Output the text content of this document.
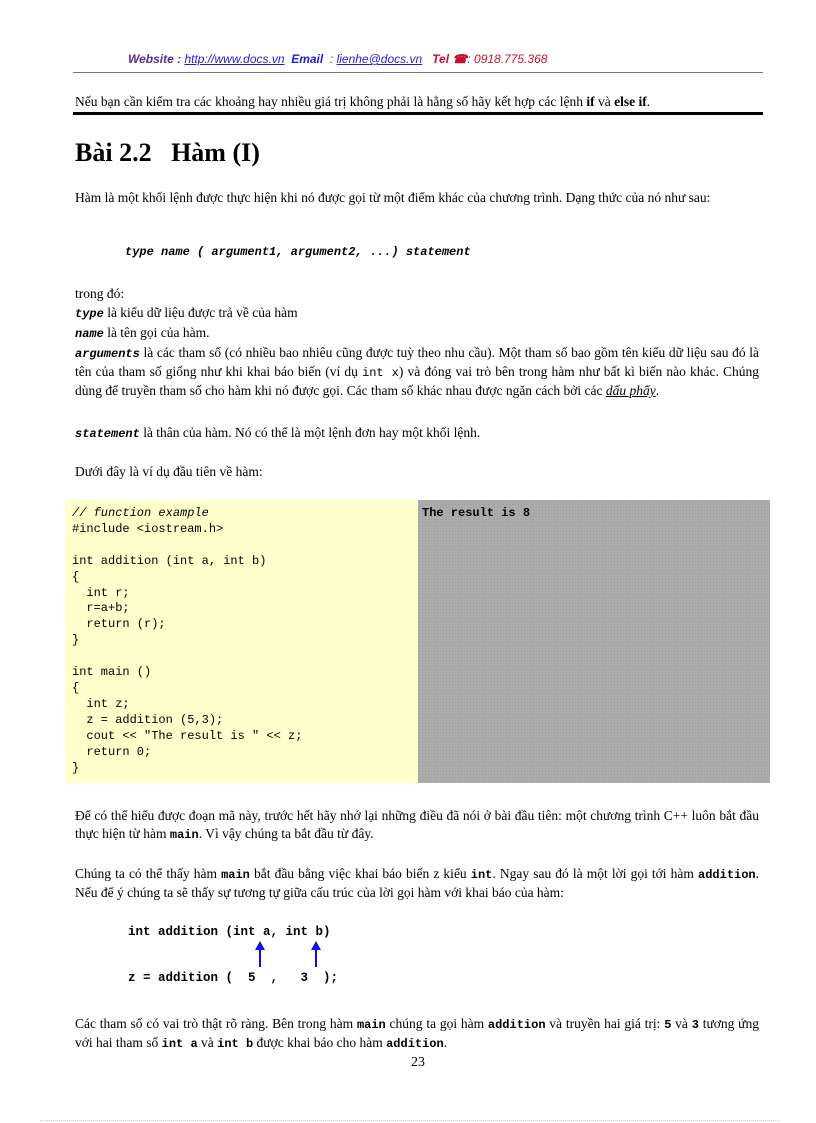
Website : http://www.docs.vn Email : lienhe@docs.vn Tel ☎: 0918.775.368
Nếu bạn cần kiểm tra các khoảng hay nhiều giá trị không phải là hằng số hãy kết hợp các lệnh if và else if.
Bài 2.2   Hàm (I)
Hàm là một khối lệnh được thực hiện khi nó được gọi từ một điểm khác của chương trình. Dạng thức của nó như sau:
type name ( argument1, argument2, ...) statement
trong đó:
type là kiểu dữ liệu được trả về của hàm
name là tên gọi của hàm.
arguments là các tham số (có nhiều bao nhiêu cũng được tuỳ theo nhu cầu). Một tham số bao gồm tên kiểu dữ liệu sau đó là tên của tham số giống như khi khai báo biến (ví dụ int x) và đóng vai trò bên trong hàm như bất kì biến nào khác. Chúng dùng để truyền tham số cho hàm khi nó được gọi. Các tham số khác nhau được ngăn cách bởi các dấu phẩy.
statement là thân của hàm. Nó có thể là một lệnh đơn hay một khối lệnh.
Dưới đây là ví dụ đầu tiên về hàm:
// function example
#include <iostream.h>

int addition (int a, int b)
{
int r;
r=a+b;
return (r);
}

int main ()
{
int z;
z = addition (5,3);
cout << "The result is " << z;
return 0;
}
The result is 8
Để có thể hiểu được đoạn mã này, trước hết hãy nhớ lại những điều đã nói ở bài đầu tiên: một chương trình C++ luôn bắt đầu thực hiện từ hàm main. Vì vậy chúng ta bắt đầu từ đây.
Chúng ta có thể thấy hàm main bắt đầu bằng việc khai báo biến z kiểu int. Ngay sau đó là một lời gọi tới hàm addition. Nếu để ý chúng ta sẽ thấy sự tương tự giữa cấu trúc của lời gọi hàm với khai báo của hàm:
int addition (int a, int b)
z = addition (  5  ,   3  );
Các tham số có vai trò thật rõ ràng. Bên trong hàm main chúng ta gọi hàm addition và truyền hai giá trị: 5 và 3 tương ứng với hai tham số int a và int b được khai báo cho hàm addition.
23
